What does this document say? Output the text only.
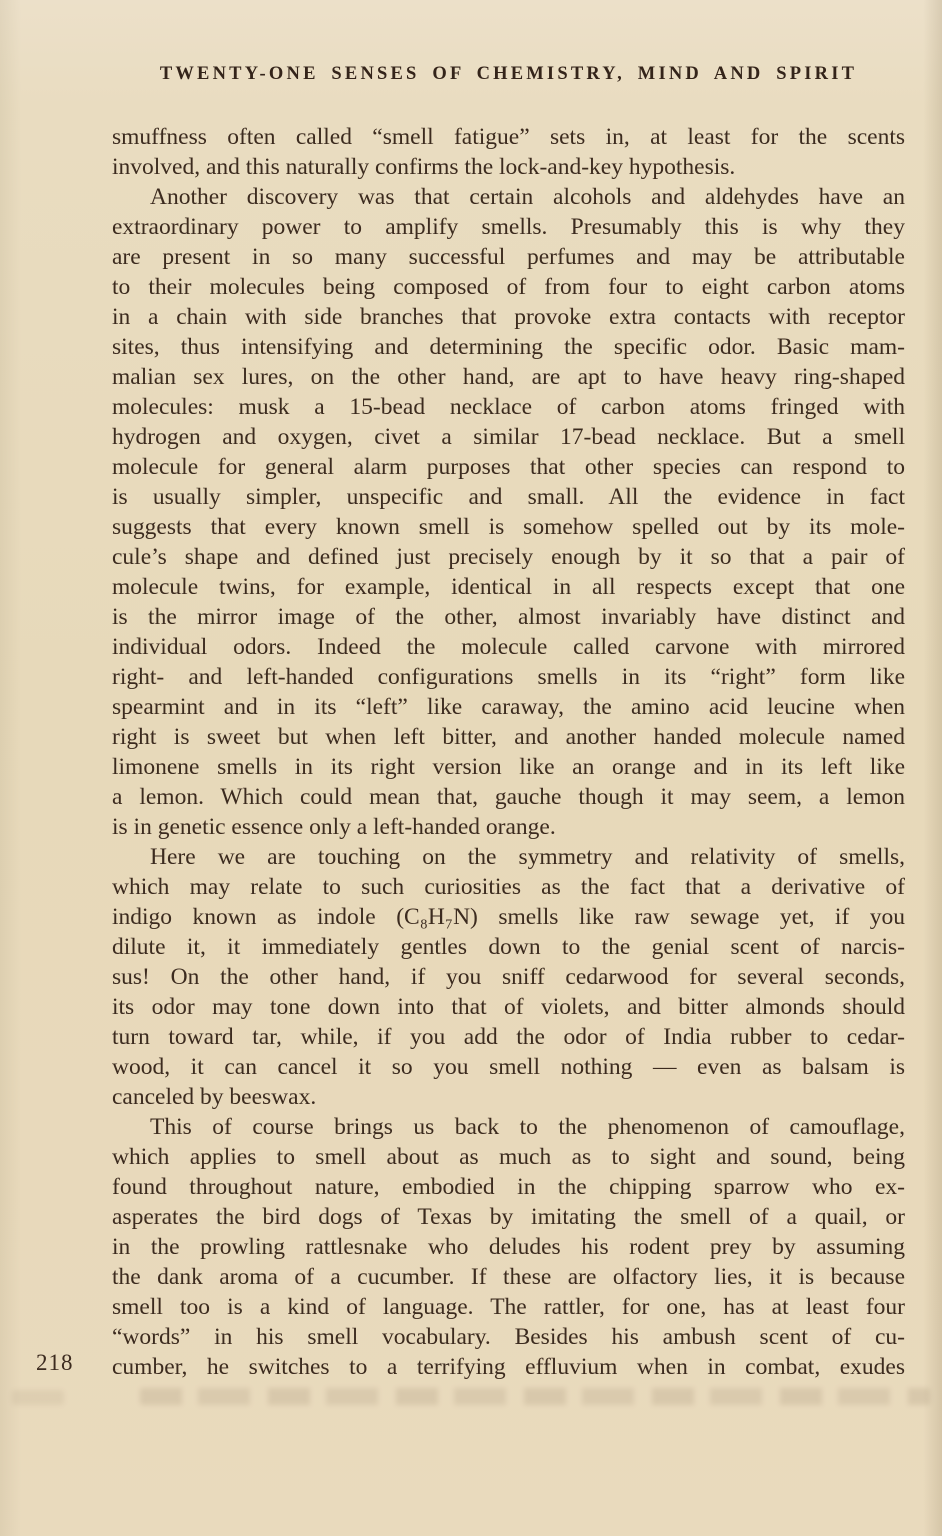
TWENTY-ONE SENSES OF CHEMISTRY, MIND AND SPIRIT
smuffness often called “smell fatigue” sets in, at least for the scents
involved, and this naturally confirms the lock-and-key hypothesis.
Another discovery was that certain alcohols and aldehydes have an
extraordinary power to amplify smells. Presumably this is why they
are present in so many successful perfumes and may be attributable
to their molecules being composed of from four to eight carbon atoms
in a chain with side branches that provoke extra contacts with receptor
sites, thus intensifying and determining the specific odor. Basic mam-
malian sex lures, on the other hand, are apt to have heavy ring-shaped
molecules: musk a 15-bead necklace of carbon atoms fringed with
hydrogen and oxygen, civet a similar 17-bead necklace. But a smell
molecule for general alarm purposes that other species can respond to
is usually simpler, unspecific and small. All the evidence in fact
suggests that every known smell is somehow spelled out by its mole-
cule’s shape and defined just precisely enough by it so that a pair of
molecule twins, for example, identical in all respects except that one
is the mirror image of the other, almost invariably have distinct and
individual odors. Indeed the molecule called carvone with mirrored
right- and left-handed configurations smells in its “right” form like
spearmint and in its “left” like caraway, the amino acid leucine when
right is sweet but when left bitter, and another handed molecule named
limonene smells in its right version like an orange and in its left like
a lemon. Which could mean that, gauche though it may seem, a lemon
is in genetic essence only a left-handed orange.
Here we are touching on the symmetry and relativity of smells,
which may relate to such curiosities as the fact that a derivative of
indigo known as indole (C₈H₇N) smells like raw sewage yet, if you
dilute it, it immediately gentles down to the genial scent of narcis-
sus! On the other hand, if you sniff cedarwood for several seconds,
its odor may tone down into that of violets, and bitter almonds should
turn toward tar, while, if you add the odor of India rubber to cedar-
wood, it can cancel it so you smell nothing — even as balsam is
canceled by beeswax.
This of course brings us back to the phenomenon of camouflage,
which applies to smell about as much as to sight and sound, being
found throughout nature, embodied in the chipping sparrow who ex-
asperates the bird dogs of Texas by imitating the smell of a quail, or
in the prowling rattlesnake who deludes his rodent prey by assuming
the dank aroma of a cucumber. If these are olfactory lies, it is because
smell too is a kind of language. The rattler, for one, has at least four
“words” in his smell vocabulary. Besides his ambush scent of cu-
cumber, he switches to a terrifying effluvium when in combat, exudes
218
